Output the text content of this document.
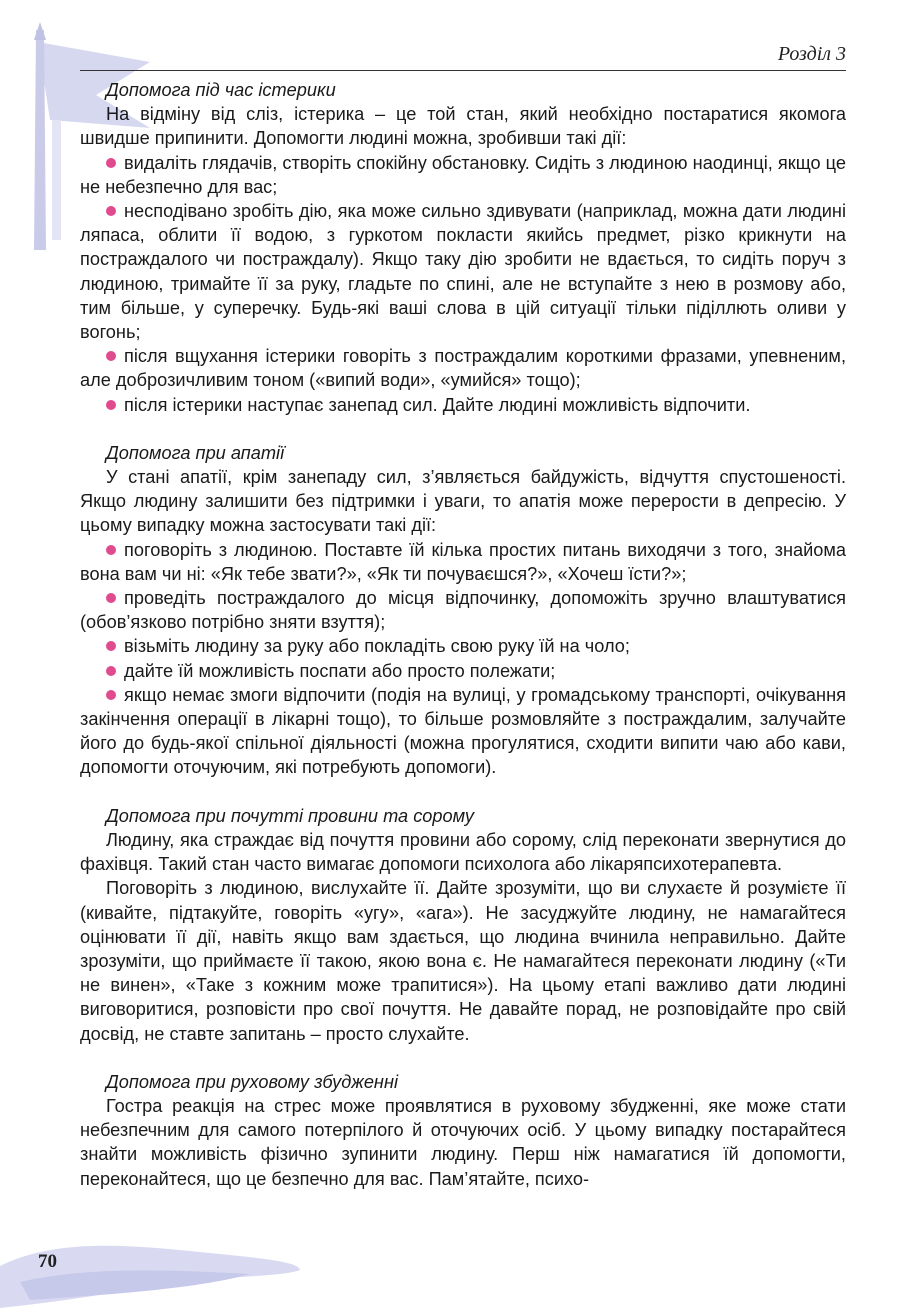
Розділ 3

Допомога під час істерики

На відміну від сліз, істерика – це той стан, який необхідно постаратися якомога швидше припинити. Допомогти людині можна, зробивши такі дії:

видаліть глядачів, створіть спокійну обстановку. Сидіть з людиною наодинці, якщо це не небезпечно для вас;

несподівано зробіть дію, яка може сильно здивувати (наприклад, можна дати людині ляпаса, облити її водою, з гуркотом покласти якийсь предмет, різко крикнути на постраждалого чи постраждалу). Якщо таку дію зробити не вдається, то сидіть поруч з людиною, тримайте її за руку, гладьте по спині, але не вступайте з нею в розмову або, тим більше, у суперечку. Будь-які ваші слова в цій ситуації тільки піділлють оливи у вогонь;

після вщухання істерики говоріть з постраждалим короткими фразами, упевненим, але доброзичливим тоном («випий води», «умийся» тощо);

після істерики наступає занепад сил. Дайте людині можливість відпочити.

Допомога при апатії

У стані апатії, крім занепаду сил, з’являється байдужість, відчуття спустошеності. Якщо людину залишити без підтримки і уваги, то апатія може перерости в депресію. У цьому випадку можна застосувати такі дії:

поговоріть з людиною. Поставте їй кілька простих питань виходячи з того, знайома вона вам чи ні: «Як тебе звати?», «Як ти почуваєшся?», «Хочеш їсти?»;

проведіть постраждалого до місця відпочинку, допоможіть зручно влаштуватися (обов’язково потрібно зняти взуття);

візьміть людину за руку або покладіть свою руку їй на чоло;

дайте їй можливість поспати або просто полежати;

якщо немає змоги відпочити (подія на вулиці, у громадському транспорті, очікування закінчення операції в лікарні тощо), то більше розмовляйте з постраждалим, залучайте його до будь-якої спільної діяльності (можна прогулятися, сходити випити чаю або кави, допомогти оточуючим, які потребують допомоги).

Допомога при почутті провини та сорому

Людину, яка страждає від почуття провини або сорому, слід переконати звернутися до фахівця. Такий стан часто вимагає допомоги психолога або лікаряпсихотерапевта.

Поговоріть з людиною, вислухайте її. Дайте зрозуміти, що ви слухаєте й розумієте її (кивайте, підтакуйте, говоріть «угу», «ага»). Не засуджуйте людину, не намагайтеся оцінювати її дії, навіть якщо вам здається, що людина вчинила неправильно. Дайте зрозуміти, що приймаєте її такою, якою вона є. Не намагайтеся переконати людину («Ти не винен», «Таке з кожним може трапитися»). На цьому етапі важливо дати людині виговоритися, розповісти про свої почуття. Не давайте порад, не розповідайте про свій досвід, не ставте запитань – просто слухайте.

Допомога при руховому збудженні

Гостра реакція на стрес може проявлятися в руховому збудженні, яке може стати небезпечним для самого потерпілого й оточуючих осіб. У цьому випадку постарайтеся знайти можливість фізично зупинити людину. Перш ніж намагатися їй допомогти, переконайтеся, що це безпечно для вас. Пам’ятайте, психо-

70
